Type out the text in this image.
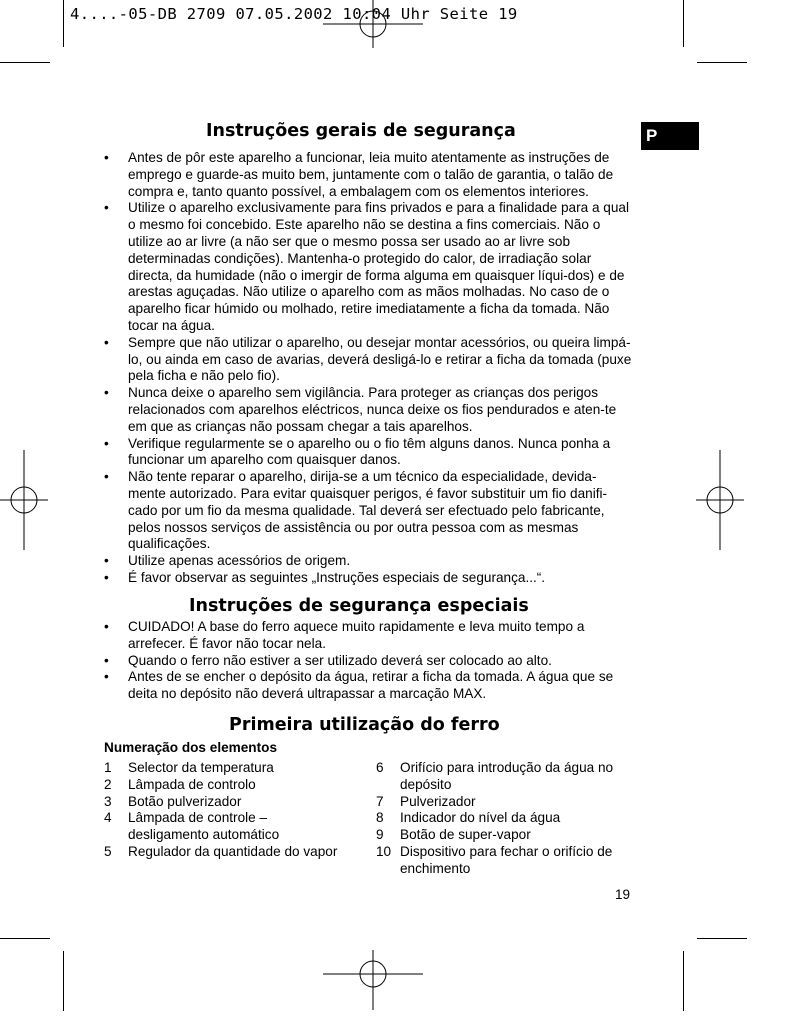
4....-05-DB 2709 07.05.2002 10:04 Uhr Seite 19
P
Instruções gerais de segurança
• Antes de pôr este aparelho a funcionar, leia muito atentamente as instruções de emprego e guarde-as muito bem, juntamente com o talão de garantia, o talão de compra e, tanto quanto possível, a embalagem com os elementos interiores.
• Utilize o aparelho exclusivamente para fins privados e para a finalidade para a qual o mesmo foi concebido. Este aparelho não se destina a fins comerciais. Não o utilize ao ar livre (a não ser que o mesmo possa ser usado ao ar livre sob determinadas condições). Mantenha-o protegido do calor, de irradiação solar directa, da humidade (não o imergir de forma alguma em quaisquer líqui-dos) e de arestas aguçadas. Não utilize o aparelho com as mãos molhadas. No caso de o aparelho ficar húmido ou molhado, retire imediatamente a ficha da tomada. Não tocar na água.
• Sempre que não utilizar o aparelho, ou desejar montar acessórios, ou queira limpá-lo, ou ainda em caso de avarias, deverá desligá-lo e retirar a ficha da tomada (puxe pela ficha e não pelo fio).
• Nunca deixe o aparelho sem vigilância. Para proteger as crianças dos perigos relacionados com aparelhos eléctricos, nunca deixe os fios pendurados e aten-te em que as crianças não possam chegar a tais aparelhos.
• Verifique regularmente se o aparelho ou o fio têm alguns danos. Nunca ponha a funcionar um aparelho com quaisquer danos.
• Não tente reparar o aparelho, dirija-se a um técnico da especialidade, devida-mente autorizado. Para evitar quaisquer perigos, é favor substituir um fio danifi-cado por um fio da mesma qualidade. Tal deverá ser efectuado pelo fabricante, pelos nossos serviços de assistência ou por outra pessoa com as mesmas qualificações.
• Utilize apenas acessórios de origem.
• É favor observar as seguintes „Instruções especiais de segurança...“.
Instruções de segurança especiais
• CUIDADO! A base do ferro aquece muito rapidamente e leva muito tempo a arrefecer. É favor não tocar nela.
• Quando o ferro não estiver a ser utilizado deverá ser colocado ao alto.
• Antes de se encher o depósito da água, retirar a ficha da tomada. A água que se deita no depósito não deverá ultrapassar a marcação MAX.
Primeira utilização do ferro
Numeração dos elementos
1 Selector da temperatura
2 Lâmpada de controlo
3 Botão pulverizador
4 Lâmpada de controle – desligamento automático
5 Regulador da quantidade do vapor
6 Orifício para introdução da água no depósito
7 Pulverizador
8 Indicador do nível da água
9 Botão de super-vapor
10 Dispositivo para fechar o orifício de enchimento
19
